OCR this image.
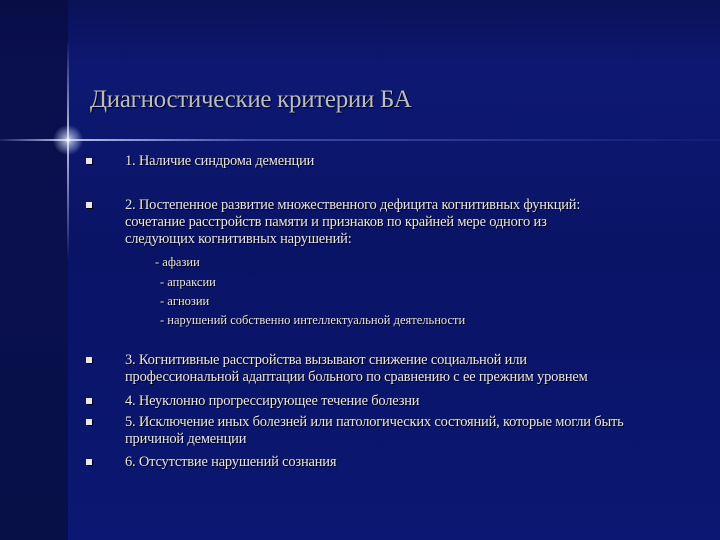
Диагностические критерии БА
1. Наличие синдрома деменции
2. Постепенное развитие множественного дефицита когнитивных функций:
сочетание расстройств памяти и признаков по крайней мере одного из
следующих когнитивных нарушений:
- афазии
- апраксии
- агнозии
- нарушений собственно интеллектуальной деятельности
3. Когнитивные расстройства вызывают снижение социальной или
профессиональной адаптации больного по сравнению с ее прежним уровнем
4. Неуклонно прогрессирующее течение болезни
5. Исключение иных болезней или патологических состояний, которые могли быть
причиной деменции
6. Отсутствие нарушений сознания
